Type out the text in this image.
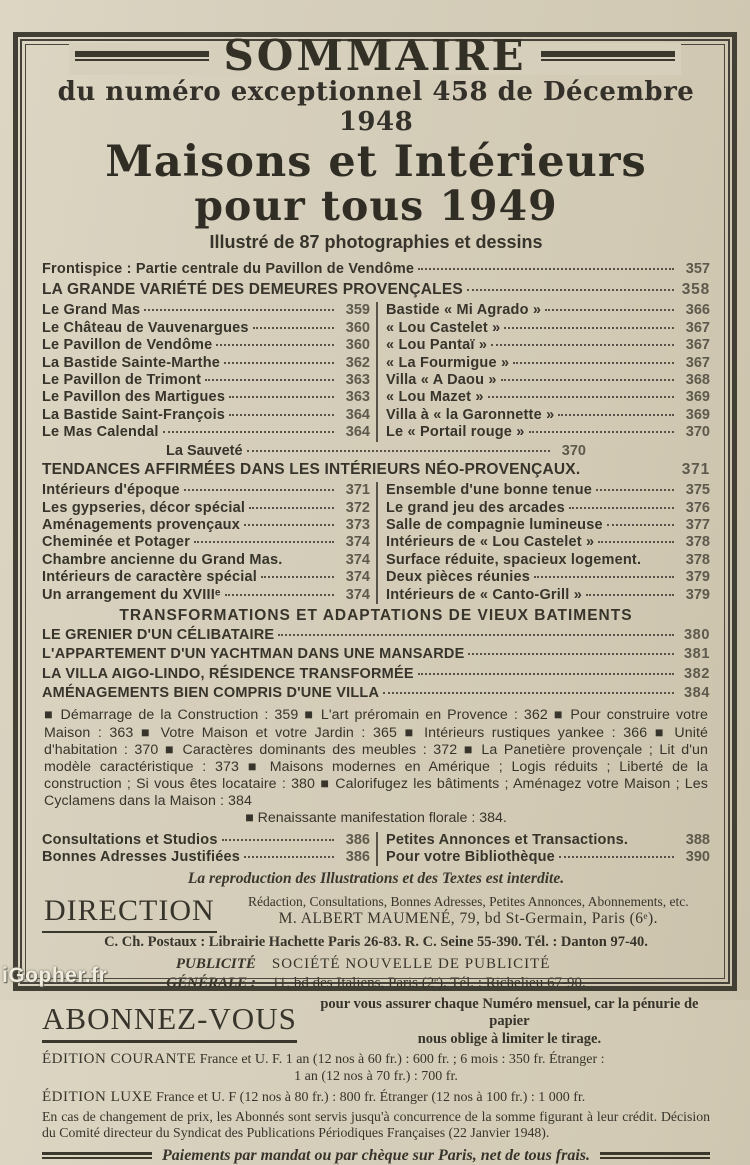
SOMMAIRE
du numéro exceptionnel 458 de Décembre 1948
Maisons et Intérieurs
pour tous 1949
Illustré de 87 photographies et dessins
Frontispice : Partie centrale du Pavillon de Vendôme	357
LA GRANDE VARIÉTÉ DES DEMEURES PROVENÇALES	358
Le Grand Mas	359
Le Château de Vauvenargues	360
Le Pavillon de Vendôme	360
La Bastide Sainte-Marthe	362
Le Pavillon de Trimont	363
Le Pavillon des Martigues	363
La Bastide Saint-François	364
Le Mas Calendal	364
Bastide « Mi Agrado »	366
« Lou Castelet »	367
« Lou Pantaï »	367
« La Fourmigue »	367
Villa « A Daou »	368
« Lou Mazet »	369
Villa à « la Garonnette »	369
Le « Portail rouge »	370
La Sauveté	370
TENDANCES AFFIRMÉES DANS LES INTÉRIEURS NÉO-PROVENÇAUX.	371
Intérieurs d'époque	371
Les gypseries, décor spécial	372
Aménagements provençaux	373
Cheminée et Potager	374
Chambre ancienne du Grand Mas.	374
Intérieurs de caractère spécial	374
Un arrangement du XVIIIᵉ	374
Ensemble d'une bonne tenue	375
Le grand jeu des arcades	376
Salle de compagnie lumineuse	377
Intérieurs de « Lou Castelet »	378
Surface réduite, spacieux logement.	378
Deux pièces réunies	379
Intérieurs de « Canto-Grill »	379
TRANSFORMATIONS ET ADAPTATIONS DE VIEUX BATIMENTS
LE GRENIER D'UN CÉLIBATAIRE	380
L'APPARTEMENT D'UN YACHTMAN DANS UNE MANSARDE	381
LA VILLA AIGO-LINDO, RÉSIDENCE TRANSFORMÉE	382
AMÉNAGEMENTS BIEN COMPRIS D'UNE VILLA	384
■ Démarrage de la Construction : 359 ■ L'art préromain en Provence : 362 ■ Pour construire votre Maison : 363 ■ Votre Maison et votre Jardin : 365 ■ Intérieurs rustiques yankee : 366 ■ Unité d'habitation : 370 ■ Caractères dominants des meubles : 372 ■ La Panetière provençale ; Lit d'un modèle caractéristique : 373 ■ Maisons modernes en Amérique ; Logis réduits ; Liberté de la construction ; Si vous êtes locataire : 380 ■ Calorifugez les bâtiments ; Aménagez votre Maison ; Les Cyclamens dans la Maison : 384
■ Renaissante manifestation florale : 384.
Consultations et Studios	386
Bonnes Adresses Justifiées	386
Petites Annonces et Transactions.	388
Pour votre Bibliothèque	390
La reproduction des Illustrations et des Textes est interdite.
DIRECTION	Rédaction, Consultations, Bonnes Adresses, Petites Annonces, Abonnements, etc.
M. ALBERT MAUMENÉ, 79, bd St-Germain, Paris (6ᵉ).
C. Ch. Postaux : Librairie Hachette Paris 26-83. R. C. Seine 55-390. Tél. : Danton 97-40.
PUBLICITÉ
GÉNÉRALE :
SOCIÉTÉ NOUVELLE DE PUBLICITÉ
11, bd des Italiens, Paris (2ᵉ). Tél. : Richelieu 67-90.
ABONNEZ-VOUS	pour vous assurer chaque Numéro mensuel, car la pénurie de papier
nous oblige à limiter le tirage.
ÉDITION COURANTE France et U. F. 1 an (12 nos à 60 fr.) : 600 fr. ; 6 mois : 350 fr. Étranger :
1 an (12 nos à 70 fr.) : 700 fr.
ÉDITION LUXE France et U. F (12 nos à 80 fr.) : 800 fr. Étranger (12 nos à 100 fr.) : 1 000 fr.
En cas de changement de prix, les Abonnés sont servis jusqu'à concurrence de la somme figurant à leur crédit. Décision du Comité directeur du Syndicat des Publications Périodiques Françaises (22 Janvier 1948).
Paiements par mandat ou par chèque sur Paris, net de tous frais.
iGopher.fr
